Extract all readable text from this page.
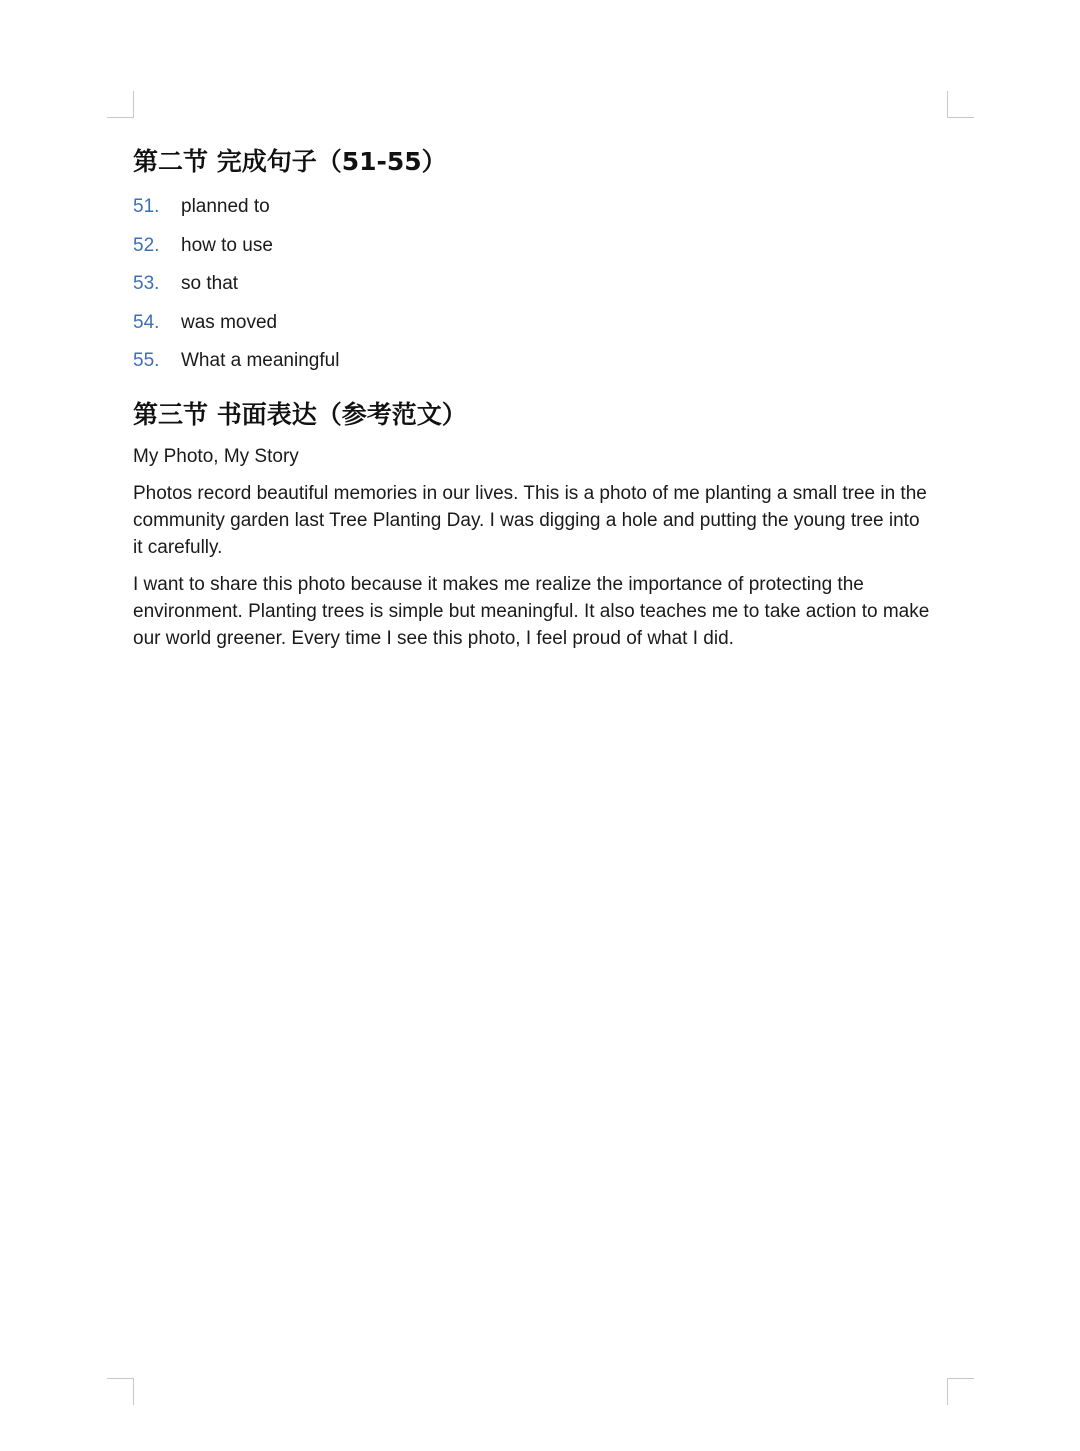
第二节 完成句子（51-55）
51.	planned to
52.	how to use
53.	so that
54.	was moved
55.	What a meaningful
第三节 书面表达（参考范文）

My Photo, My Story

Photos record beautiful memories in our lives. This is a photo of me planting a small tree in the community garden last Tree Planting Day. I was digging a hole and putting the young tree into it carefully.

I want to share this photo because it makes me realize the importance of protecting the environment. Planting trees is simple but meaningful. It also teaches me to take action to make our world greener. Every time I see this photo, I feel proud of what I did.
